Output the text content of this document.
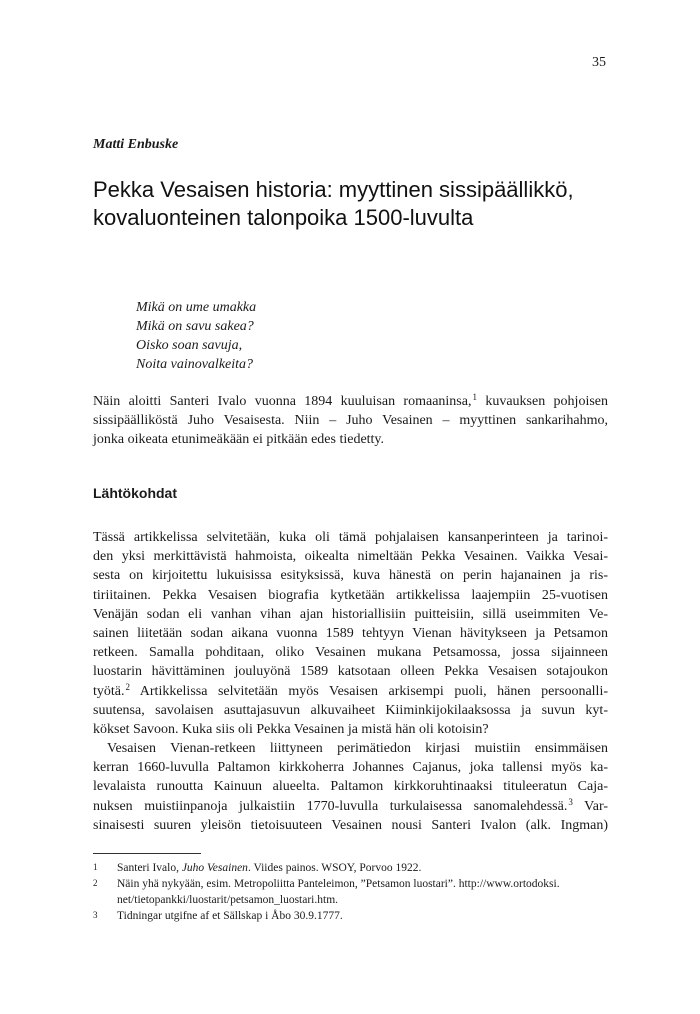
35
Matti Enbuske
Pekka Vesaisen historia: myyttinen sissipäällikkö,
kovaluonteinen talonpoika 1500-luvulta
Mikä on ume umakka
Mikä on savu sakea?
Oisko soan savuja,
Noita vainovalkeita?
Näin aloitti Santeri Ivalo vuonna 1894 kuuluisan romaaninsa,$^1$ kuvauksen pohjoisen
sissipäälliköstä Juho Vesaisesta. Niin – Juho Vesainen – myyttinen sankarihahmo,
jonka oikeata etunimeäkään ei pitkään edes tiedetty.
Lähtökohdat
Tässä artikkelissa selvitetään, kuka oli tämä pohjalaisen kansanperinteen ja tarinoi-
den yksi merkittävistä hahmoista, oikealta nimeltään Pekka Vesainen. Vaikka Vesai-
sesta on kirjoitettu lukuisissa esityksissä, kuva hänestä on perin hajanainen ja ris-
tiriitainen. Pekka Vesaisen biografia kytketään artikkelissa laajempiin 25-vuotisen
Venäjän sodan eli vanhan vihan ajan historiallisiin puitteisiin, sillä useimmiten Ve-
sainen liitetään sodan aikana vuonna 1589 tehtyyn Vienan hävitykseen ja Petsamon
retkeen. Samalla pohditaan, oliko Vesainen mukana Petsamossa, jossa sijainneen
luostarin hävittäminen jouluyönä 1589 katsotaan olleen Pekka Vesaisen sotajoukon
työtä.$^2$ Artikkelissa selvitetään myös Vesaisen arkisempi puoli, hänen persoonalli-
suutensa, savolaisen asuttajasuvun alkuvaiheet Kiiminkijokilaaksossa ja suvun kyt-
kökset Savoon. Kuka siis oli Pekka Vesainen ja mistä hän oli kotoisin?
Vesaisen Vienan-retkeen liittyneen perimätiedon kirjasi muistiin ensimmäisen
kerran 1660-luvulla Paltamon kirkkoherra Johannes Cajanus, joka tallensi myös ka-
levalaista runoutta Kainuun alueelta. Paltamon kirkkoruhtinaaksi tituleeratun Caja-
nuksen muistiinpanoja julkaistiin 1770-luvulla turkulaisessa sanomalehdessä.$^3$ Var-
sinaisesti suuren yleisön tietoisuuteen Vesainen nousi Santeri Ivalon (alk. Ingman)
1	Santeri Ivalo, Juho Vesainen. Viides painos. WSOY, Porvoo 1922.
2	Näin yhä nykyään, esim. Metropoliitta Panteleimon, ”Petsamon luostari”. http://www.ortodoksi.
net/tietopankki/luostarit/petsamon_luostari.htm.
3	Tidningar utgifne af et Sällskap i Åbo 30.9.1777.
